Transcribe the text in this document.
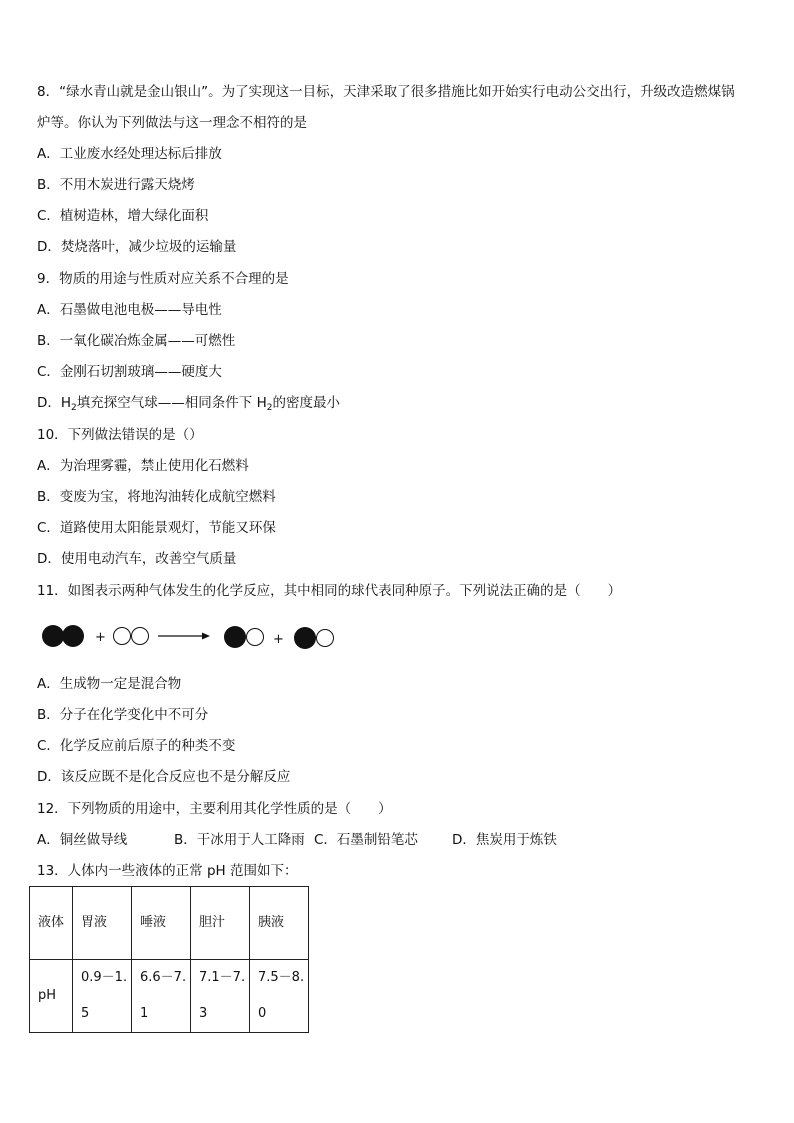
8．“绿水青山就是金山银山”。为了实现这一目标，天津采取了很多措施比如开始实行电动公交出行，升级改造燃煤锅
炉等。你认为下列做法与这一理念不相符的是
A．工业废水经处理达标后排放
B．不用木炭进行露天烧烤
C．植树造林，增大绿化面积
D．焚烧落叶，减少垃圾的运输量
9．物质的用途与性质对应关系不合理的是
A．石墨做电池电极——导电性
B．一氧化碳冶炼金属——可燃性
C．金刚石切割玻璃——硬度大
D．$H_2$填充探空气球——相同条件下 $H_2$的密度最小
10．下列做法错误的是（）
A．为治理雾霾，禁止使用化石燃料
B．变废为宝，将地沟油转化成航空燃料
C．道路使用太阳能景观灯，节能又环保
D．使用电动汽车，改善空气质量
11．如图表示两种气体发生的化学反应，其中相同的球代表同种原子。下列说法正确的是（　　）
+	+
A．生成物一定是混合物
B．分子在化学变化中不可分
C．化学反应前后原子的种类不变
D．该反应既不是化合反应也不是分解反应
12．下列物质的用途中，主要利用其化学性质的是（　　）
A．铜丝做导线	B．干冰用于人工降雨 C．石墨制铅笔芯	D．焦炭用于炼铁
13．人体内一些液体的正常 pH 范围如下：
液体	胃液	唾液	胆汁	胰液
pH	0.9－1.5	6.6－7.1	7.1－7.3	7.5－8.0
